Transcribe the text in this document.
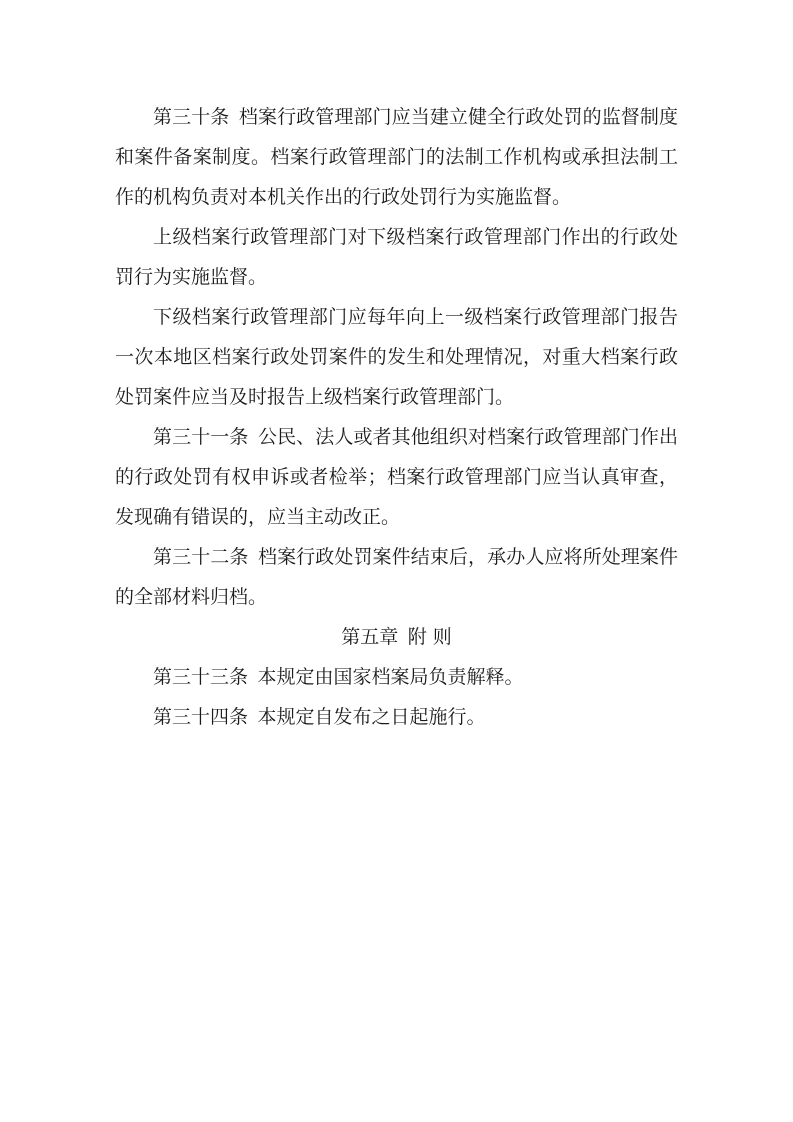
第三十条 档案行政管理部门应当建立健全行政处罚的监督制度和案件备案制度。档案行政管理部门的法制工作机构或承担法制工作的机构负责对本机关作出的行政处罚行为实施监督。

上级档案行政管理部门对下级档案行政管理部门作出的行政处罚行为实施监督。

下级档案行政管理部门应每年向上一级档案行政管理部门报告一次本地区档案行政处罚案件的发生和处理情况，对重大档案行政处罚案件应当及时报告上级档案行政管理部门。

第三十一条 公民、法人或者其他组织对档案行政管理部门作出的行政处罚有权申诉或者检举；档案行政管理部门应当认真审查，发现确有错误的，应当主动改正。

第三十二条 档案行政处罚案件结束后，承办人应将所处理案件的全部材料归档。

第五章 附 则

第三十三条 本规定由国家档案局负责解释。

第三十四条 本规定自发布之日起施行。
